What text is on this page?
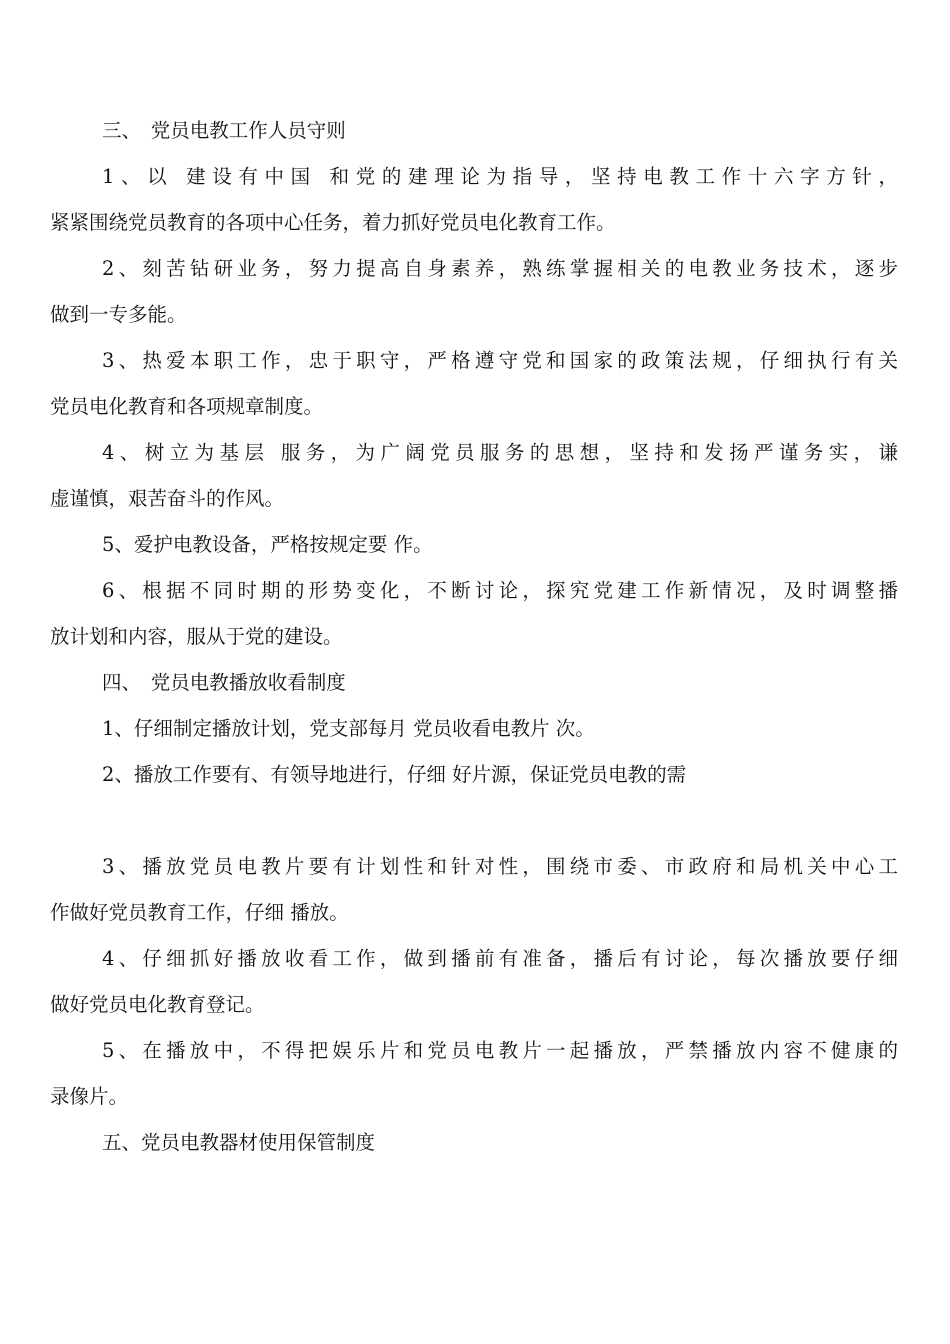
三、　党员电教工作人员守则
1、以 建设有中国 和党的建理论为指导，坚持电教工作十六字方针，
紧紧围绕党员教育的各项中心任务，着力抓好党员电化教育工作。
2、刻苦钻研业务，努力提高自身素养，熟练掌握相关的电教业务技术，逐步
做到一专多能。
3、热爱本职工作，忠于职守，严格遵守党和国家的政策法规，仔细执行有关
党员电化教育和各项规章制度。
4、树立为基层 服务，为广阔党员服务的思想，坚持和发扬严谨务实，谦
虚谨慎，艰苦奋斗的作风。
5、爱护电教设备，严格按规定要 作。
6、根据不同时期的形势变化，不断讨论，探究党建工作新情况，及时调整播
放计划和内容，服从于党的建设。
四、　党员电教播放收看制度
1、仔细制定播放计划，党支部每月 党员收看电教片 次。
2、播放工作要有、有领导地进行，仔细 好片源，保证党员电教的需
3、播放党员电教片要有计划性和针对性，围绕市委、市政府和局机关中心工
作做好党员教育工作，仔细 播放。
4、仔细抓好播放收看工作，做到播前有准备，播后有讨论，每次播放要仔细
做好党员电化教育登记。
5、在播放中，不得把娱乐片和党员电教片一起播放，严禁播放内容不健康的
录像片。
五、党员电教器材使用保管制度
